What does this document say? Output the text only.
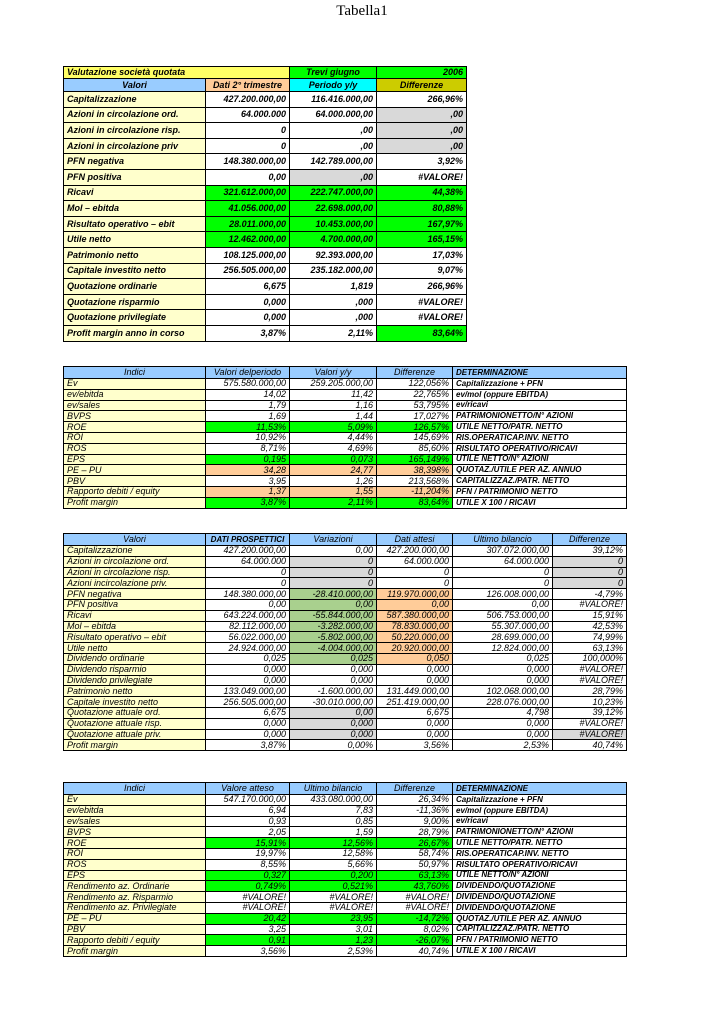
Tabella1
Valutazione società quotata		Trevi giugno	2006
Valori	Dati 2° trimestre	Periodo y/y	Differenze
Capitalizzazione	427.200.000,00	116.416.000,00	266,96%
Azioni in circolazione ord.	64.000.000	64.000.000,00	,00
Azioni in circolazione risp.	0	,00	,00
Azioni in circolazione priv	0	,00	,00
PFN negativa	148.380.000,00	142.789.000,00	3,92%
PFN positiva	0,00	,00	#VALORE!
Ricavi	321.612.000,00	222.747.000,00	44,38%
Mol – ebitda	41.056.000,00	22.698.000,00	80,88%
Risultato operativo – ebit	28.011.000,00	10.453.000,00	167,97%
Utile netto	12.462.000,00	4.700.000,00	165,15%
Patrimonio netto	108.125.000,00	92.393.000,00	17,03%
Capitale investito netto	256.505.000,00	235.182.000,00	9,07%
Quotazione ordinarie	6,675	1,819	266,96%
Quotazione risparmio	0,000	,000	#VALORE!
Quotazione privilegiate	0,000	,000	#VALORE!
Profit margin anno in corso	3,87%	2,11%	83,64%
Indici	Valori delperiodo	Valori y/y	Differenze	DETERMINAZIONE
Ev	575.580.000,00	259.205.000,00	122,056%	Capitalizzazione + PFN
ev/ebitda	14,02	11,42	22,765%	ev/mol (oppure EBITDA)
ev/sales	1,79	1,16	53,795%	ev/ricavi
BVPS	1,69	1,44	17,027%	PATRIMONIONETTO/N° AZIONI
ROE	11,53%	5,09%	126,57%	UTILE NETTO/PATR. NETTO
ROI	10,92%	4,44%	145,69%	RIS.OPERATICAP.INV. NETTO
ROS	8,71%	4,69%	85,60%	RISULTATO OPERATIVO/RICAVI
EPS	0,195	0,073	165,149%	UTILE NETTO/N° AZIONI
PE – PU	34,28	24,77	38,398%	QUOTAZ./UTILE PER AZ. ANNUO
PBV	3,95	1,26	213,568%	CAPITALIZZAZ./PATR. NETTO
Rapporto debiti / equity	1,37	1,55	-11,204%	PFN / PATRIMONIO NETTO
Profit margin	3,87%	2,11%	83,64%	UTILE X 100 / RICAVI
Valori	DATI PROSPETTICI	Variazioni	Dati attesi	Ultimo bilancio	Differenze
Capitalizzazione	427.200.000,00	0,00	427.200.000,00	307.072.000,00	39,12%
Azioni in circolazione ord.	64.000.000	0	64.000.000	64.000.000	0
Azioni in circolazione risp.	0	0	0	0	0
Azioni incircolazione priv.	0	0	0	0	0
PFN negativa	148.380.000,00	-28.410.000,00	119.970.000,00	126.008.000,00	-4,79%
PFN positiva	0,00	0,00	0,00	0,00	#VALORE!
Ricavi	643.224.000,00	-55.844.000,00	587.380.000,00	506.753.000,00	15,91%
Mol – ebitda	82.112.000,00	-3.282.000,00	78.830.000,00	55.307.000,00	42,53%
Risultato operativo – ebit	56.022.000,00	-5.802.000,00	50.220.000,00	28.699.000,00	74,99%
Utile netto	24.924.000,00	-4.004.000,00	20.920.000,00	12.824.000,00	63,13%
Dividendo ordinarie	0,025	0,025	0,050	0,025	100,000%
Dividendo risparmio	0,000	0,000	0,000	0,000	#VALORE!
Dividendo privilegiate	0,000	0,000	0,000	0,000	#VALORE!
Patrimonio netto	133.049.000,00	-1.600.000,00	131.449.000,00	102.068.000,00	28,79%
Capitale investito netto	256.505.000,00	-30.010.000,00	251.419.000,00	228.076.000,00	10,23%
Quotazione attuale ord.	6,675	0,00	6,675	4,798	39,12%
Quotazione attuale risp.	0,000	0,000	0,000	0,000	#VALORE!
Quotazione attuale priv.	0,000	0,000	0,000	0,000	#VALORE!
Profit margin	3,87%	0,00%	3,56%	2,53%	40,74%
Indici	Valore atteso	Ultimo bilancio	Differenze	DETERMINAZIONE
Ev	547.170.000,00	433.080.000,00	26,34%	Capitalizzazione + PFN
ev/ebitda	6,94	7,83	-11,36%	ev/mol (oppure EBITDA)
ev/sales	0,93	0,85	9,00%	ev/ricavi
BVPS	2,05	1,59	28,79%	PATRIMONIONETTO/N° AZIONI
ROE	15,91%	12,56%	26,67%	UTILE NETTO/PATR. NETTO
ROI	19,97%	12,58%	58,74%	RIS.OPERATICAP.INV. NETTO
ROS	8,55%	5,66%	50,97%	RISULTATO OPERATIVO/RICAVI
EPS	0,327	0,200	63,13%	UTILE NETTO/N° AZIONI
Rendimento az. Ordinarie	0,749%	0,521%	43,760%	DIVIDENDO/QUOTAZIONE
Rendimento az. Risparmio	#VALORE!	#VALORE!	#VALORE!	DIVIDENDO/QUOTAZIONE
Rendimento az. Privilegiate	#VALORE!	#VALORE!	#VALORE!	DIVIDENDO/QUOTAZIONE
PE – PU	20,42	23,95	-14,72%	QUOTAZ./UTILE PER AZ. ANNUO
PBV	3,25	3,01	8,02%	CAPITALIZZAZ./PATR. NETTO
Rapporto debiti / equity	0,91	1,23	-26,07%	PFN / PATRIMONIO NETTO
Profit margin	3,56%	2,53%	40,74%	UTILE X 100 / RICAVI
